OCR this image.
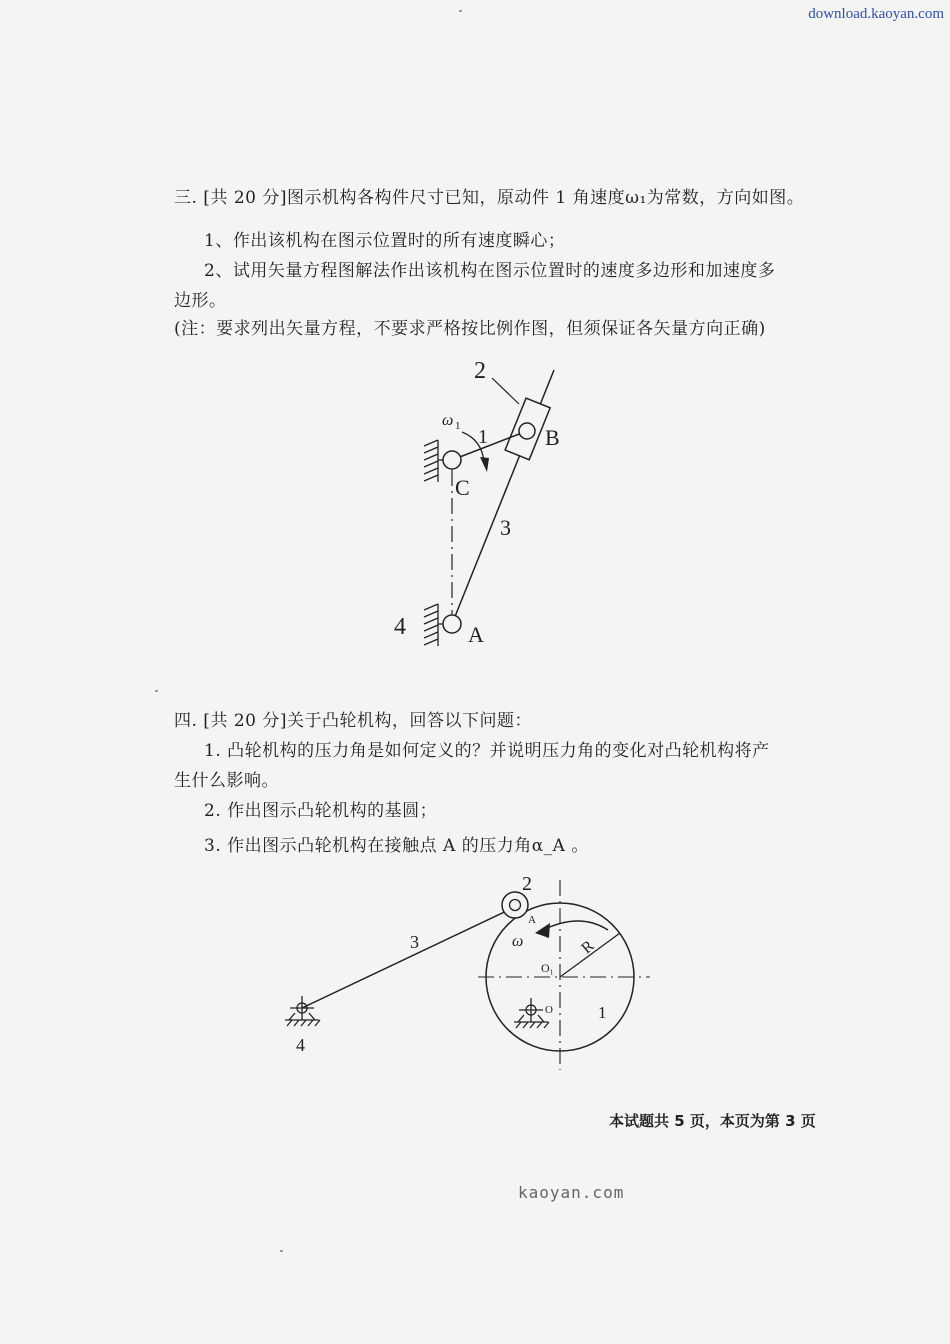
download.kaoyan.com
三. [共 20 分]图示机构各构件尺寸已知，原动件 1 角速度ω₁为常数，方向如图。
1、作出该机构在图示位置时的所有速度瞬心；
2、试用矢量方程图解法作出该机构在图示位置时的速度多边形和加速度多
边形。
(注：要求列出矢量方程，不要求严格按比例作图，但须保证各矢量方向正确)
2
ω 1 1	B
C
3
4	A
四. [共 20 分]关于凸轮机构，回答以下问题：
1. 凸轮机构的压力角是如何定义的？并说明压力角的变化对凸轮机构将产
生什么影响。
2. 作出图示凸轮机构的基圆；
3. 作出图示凸轮机构在接触点 A 的压力角α_A 。
2
A
ω	R
O₁
O	1
3
4
本试题共 5 页，本页为第 3 页
kaoyan.com
